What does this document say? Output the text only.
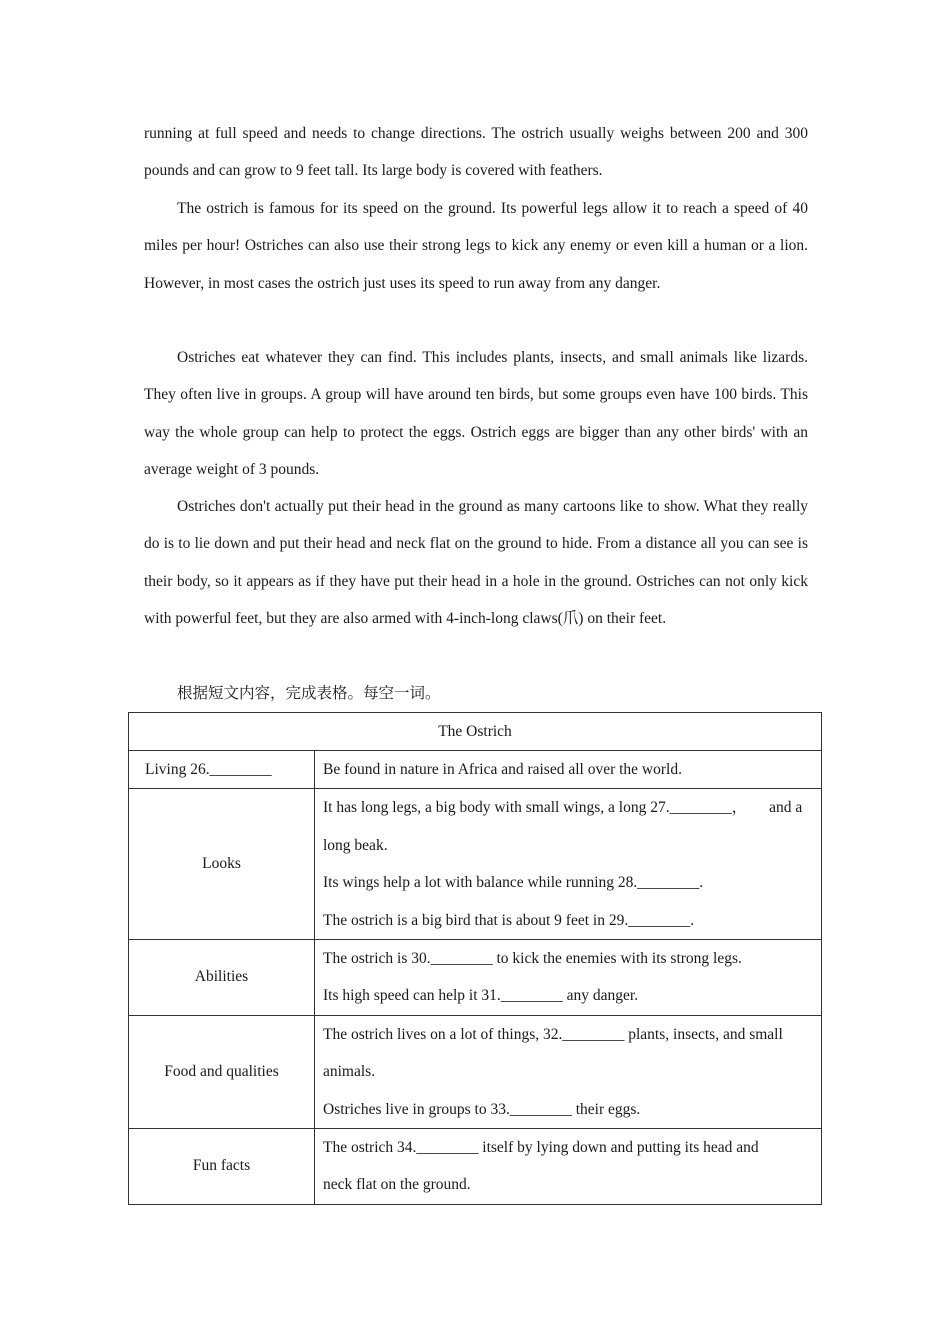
running at full speed and needs to change directions. The ostrich usually weighs between 200 and 300 pounds and can grow to 9 feet tall. Its large body is covered with feathers.

The ostrich is famous for its speed on the ground. Its powerful legs allow it to reach a speed of 40 miles per hour! Ostriches can also use their strong legs to kick any enemy or even kill a human or a lion. However, in most cases the ostrich just uses its speed to run away from any danger.

Ostriches eat whatever they can find. This includes plants, insects, and small animals like lizards. They often live in groups. A group will have around ten birds, but some groups even have 100 birds. This way the whole group can help to protect the eggs. Ostrich eggs are bigger than any other birds' with an average weight of 3 pounds.

Ostriches don't actually put their head in the ground as many cartoons like to show. What they really do is to lie down and put their head and neck flat on the ground to hide. From a distance all you can see is their body, so it appears as if they have put their head in a hole in the ground. Ostriches can not only kick with powerful feet, but they are also armed with 4-inch-long claws(爪) on their feet.

根据短文内容，完成表格。每空一词。
The Ostrich	
Living 26.________	Be found in nature in Africa and raised all over the world.
Looks	It has long legs, a big body with small wings, a long 27.________， and a
long beak.
Its wings help a lot with balance while running 28.________.
The ostrich is a big bird that is about 9 feet in 29.________.

Abilities	The ostrich is 30.________ to kick the enemies with its strong legs.
Its high speed can help it 31.________ any danger.

Food and qualities	The ostrich lives on a lot of things, 32.________ plants, insects, and small
animals.
Ostriches live in groups to 33.________ their eggs.

Fun facts	The ostrich 34.________ itself by lying down and putting its head and
neck flat on the ground.
